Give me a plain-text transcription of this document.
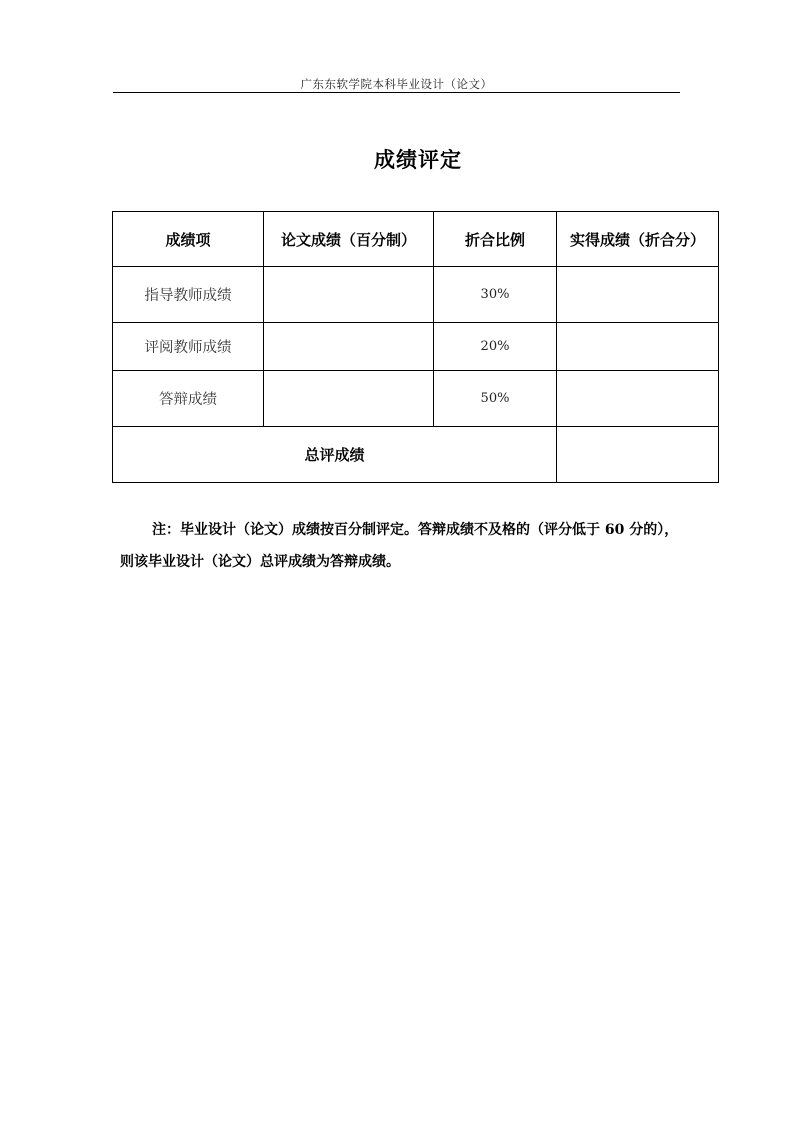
广东东软学院本科毕业设计（论文）
成绩评定
成绩项	论文成绩（百分制）	折合比例	实得成绩（折合分）
指导教师成绩		30%	
评阅教师成绩		20%	
答辩成绩		50%	
总评成绩			
注：毕业设计（论文）成绩按百分制评定。答辩成绩不及格的（评分低于 60 分的），
则该毕业设计（论文）总评成绩为答辩成绩。
